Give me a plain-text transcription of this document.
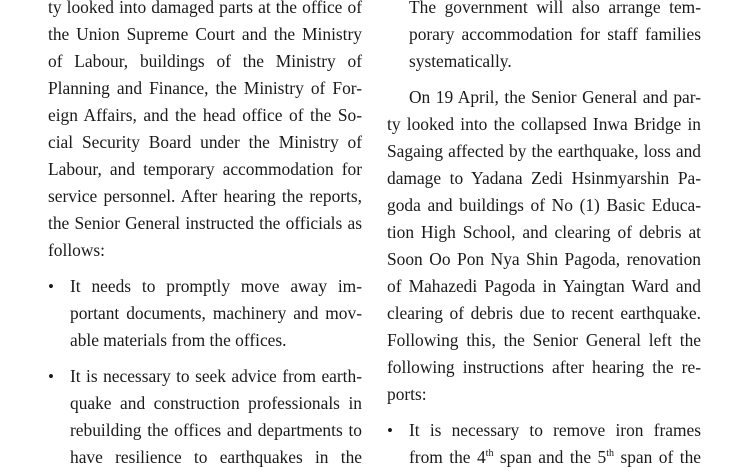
ty looked into damaged parts at the office of
the Union Supreme Court and the Ministry
of Labour, buildings of the Ministry of
Planning and Finance, the Ministry of For-
eign Affairs, and the head office of the So-
cial Security Board under the Ministry of
Labour, and temporary accommodation for
service personnel. After hearing the reports,
the Senior General instructed the officials as
follows:
• It needs to promptly move away im-
portant documents, machinery and mov-
able materials from the offices.
• It is necessary to seek advice from earth-
quake and construction professionals in
rebuilding the offices and departments to
have resilience to earthquakes in the
The government will also arrange tem-
porary accommodation for staff families
systematically.
On 19 April, the Senior General and par-
ty looked into the collapsed Inwa Bridge in
Sagaing affected by the earthquake, loss and
damage to Yadana Zedi Hsinmyarshin Pa-
goda and buildings of No (1) Basic Educa-
tion High School, and clearing of debris at
Soon Oo Pon Nya Shin Pagoda, renovation
of Mahazedi Pagoda in Yaingtan Ward and
clearing of debris due to recent earthquake.
Following this, the Senior General left the
following instructions after hearing the re-
ports:
• It is necessary to remove iron frames
from the 4th span and the 5th span of the
